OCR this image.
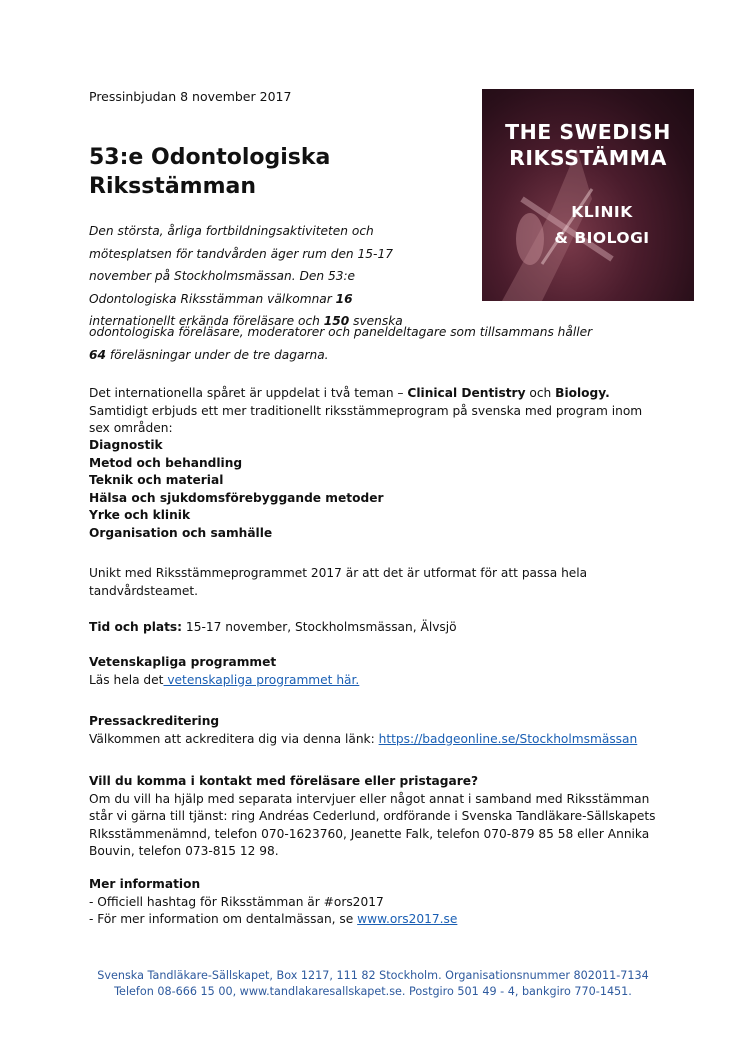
Pressinbjudan 8 november 2017
53:e Odontologiska
Riksstämman
THE SWEDISH
RIKSSTÄMMA
KLINIK
& BIOLOGI
Den största, årliga fortbildningsaktiviteten och
mötesplatsen för tandvården äger rum den 15-17
november på Stockholmsmässan. Den 53:e
Odontologiska Riksstämman välkomnar 16
internationellt erkända föreläsare och 150 svenska
odontologiska föreläsare, moderatorer och paneldeltagare som tillsammans håller
64 föreläsningar under de tre dagarna.
Det internationella spåret är uppdelat i två teman – Clinical Dentistry och Biology.
Samtidigt erbjuds ett mer traditionellt riksstämmeprogram på svenska med program inom
sex områden:
Diagnostik
Metod och behandling
Teknik och material
Hälsa och sjukdomsförebyggande metoder
Yrke och klinik
Organisation och samhälle
Unikt med Riksstämmeprogrammet 2017 är att det är utformat för att passa hela
tandvårdsteamet.
Tid och plats: 15-17 november, Stockholmsmässan, Älvsjö
Vetenskapliga programmet
Läs hela det vetenskapliga programmet här.
Pressackreditering
Välkommen att ackreditera dig via denna länk: https://badgeonline.se/Stockholmsmässan
Vill du komma i kontakt med föreläsare eller pristagare?
Om du vill ha hjälp med separata intervjuer eller något annat i samband med Riksstämman
står vi gärna till tjänst: ring Andréas Cederlund, ordförande i Svenska Tandläkare-Sällskapets
RIksstämmenämnd, telefon 070-1623760, Jeanette Falk, telefon 070-879 85 58 eller Annika
Bouvin, telefon 073-815 12 98.
Mer information
- Officiell hashtag för Riksstämman är #ors2017
- För mer information om dentalmässan, se www.ors2017.se
Svenska Tandläkare-Sällskapet, Box 1217, 111 82 Stockholm. Organisationsnummer 802011-7134
Telefon 08-666 15 00, www.tandlakaresallskapet.se. Postgiro 501 49 - 4, bankgiro 770-1451.
